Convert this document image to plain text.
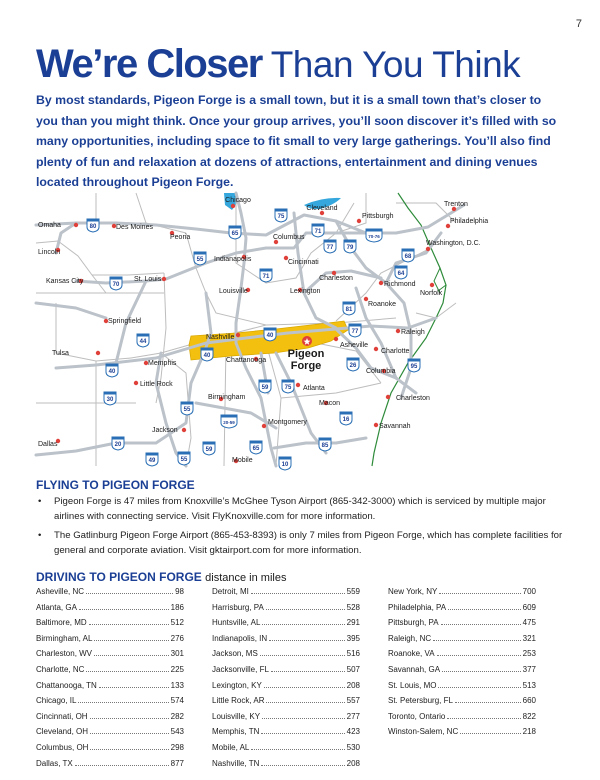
7
We’re Closer Than You Think

By most standards, Pigeon Forge is a small town, but it is a small town that’s closer to you than you might think. Once your group arrives, you’ll soon discover it’s filled with so many opportunities, including space to fit small to very large gatherings. You’ll also find plenty of fun and relaxation at dozens of attractions, entertainment and dining venues located throughout Pigeon Forge.

80
75
71
70-76
55
65
77 79
68
64
70
71
81
44
40
40
40
77
26	95
59	75
16
55
30
20-59
65	85
20
59
49	55
10
Chicago
Cleveland
Trenton
Pittsburgh
Philadelphia
Omaha	Des Moines
Peoria
Washington, D.C.
Lincoln
Indianapolis
Columbus
Cincinnati
Kansas City	St. Louis	Charleston
Richmond
Louisville	Lexington	Norfolk
Roanoke
Springfield
Raleigh
Nashville
Asheville
Tulsa
Memphis	Chattanooga
Charlotte
Little Rock
Atlanta
Columbia
Birmingham
Macon
Charleston
Montgomery
Savannah
Jackson
Dallas
Mobile
Pigeon
Forge
FLYING TO PIGEON FORGE
• Pigeon Forge is 47 miles from Knoxville’s McGhee Tyson Airport (865-342-3000) which is serviced by multiple major airlines with connecting service. Visit FlyKnoxville.com for more information.
• The Gatlinburg Pigeon Forge Airport (865-453-8393) is only 7 miles from Pigeon Forge, which has complete facilities for general and corporate aviation. Visit gktairport.com for more information.
DRIVING TO PIGEON FORGE distance in miles
Asheville, NC	98
Atlanta, GA	186
Baltimore, MD	512
Birmingham, AL	276
Charleston, WV	301
Charlotte, NC	225
Chattanooga, TN	133
Chicago, IL	574
Cincinnati, OH	282
Cleveland, OH	543
Columbus, OH	298
Dallas, TX	877
Detroit, MI	559
Harrisburg, PA	528
Huntsville, AL	291
Indianapolis, IN	395
Jackson, MS	516
Jacksonville, FL	507
Lexington, KY	208
Little Rock, AR	557
Louisville, KY	277
Memphis, TN	423
Mobile, AL	530
Nashville, TN	208
New York, NY	700
Philadelphia, PA	609
Pittsburgh, PA	475
Raleigh, NC	321
Roanoke, VA	253
Savannah, GA	377
St. Louis, MO	513
St. Petersburg, FL	660
Toronto, Ontario	822
Winston-Salem, NC	218
